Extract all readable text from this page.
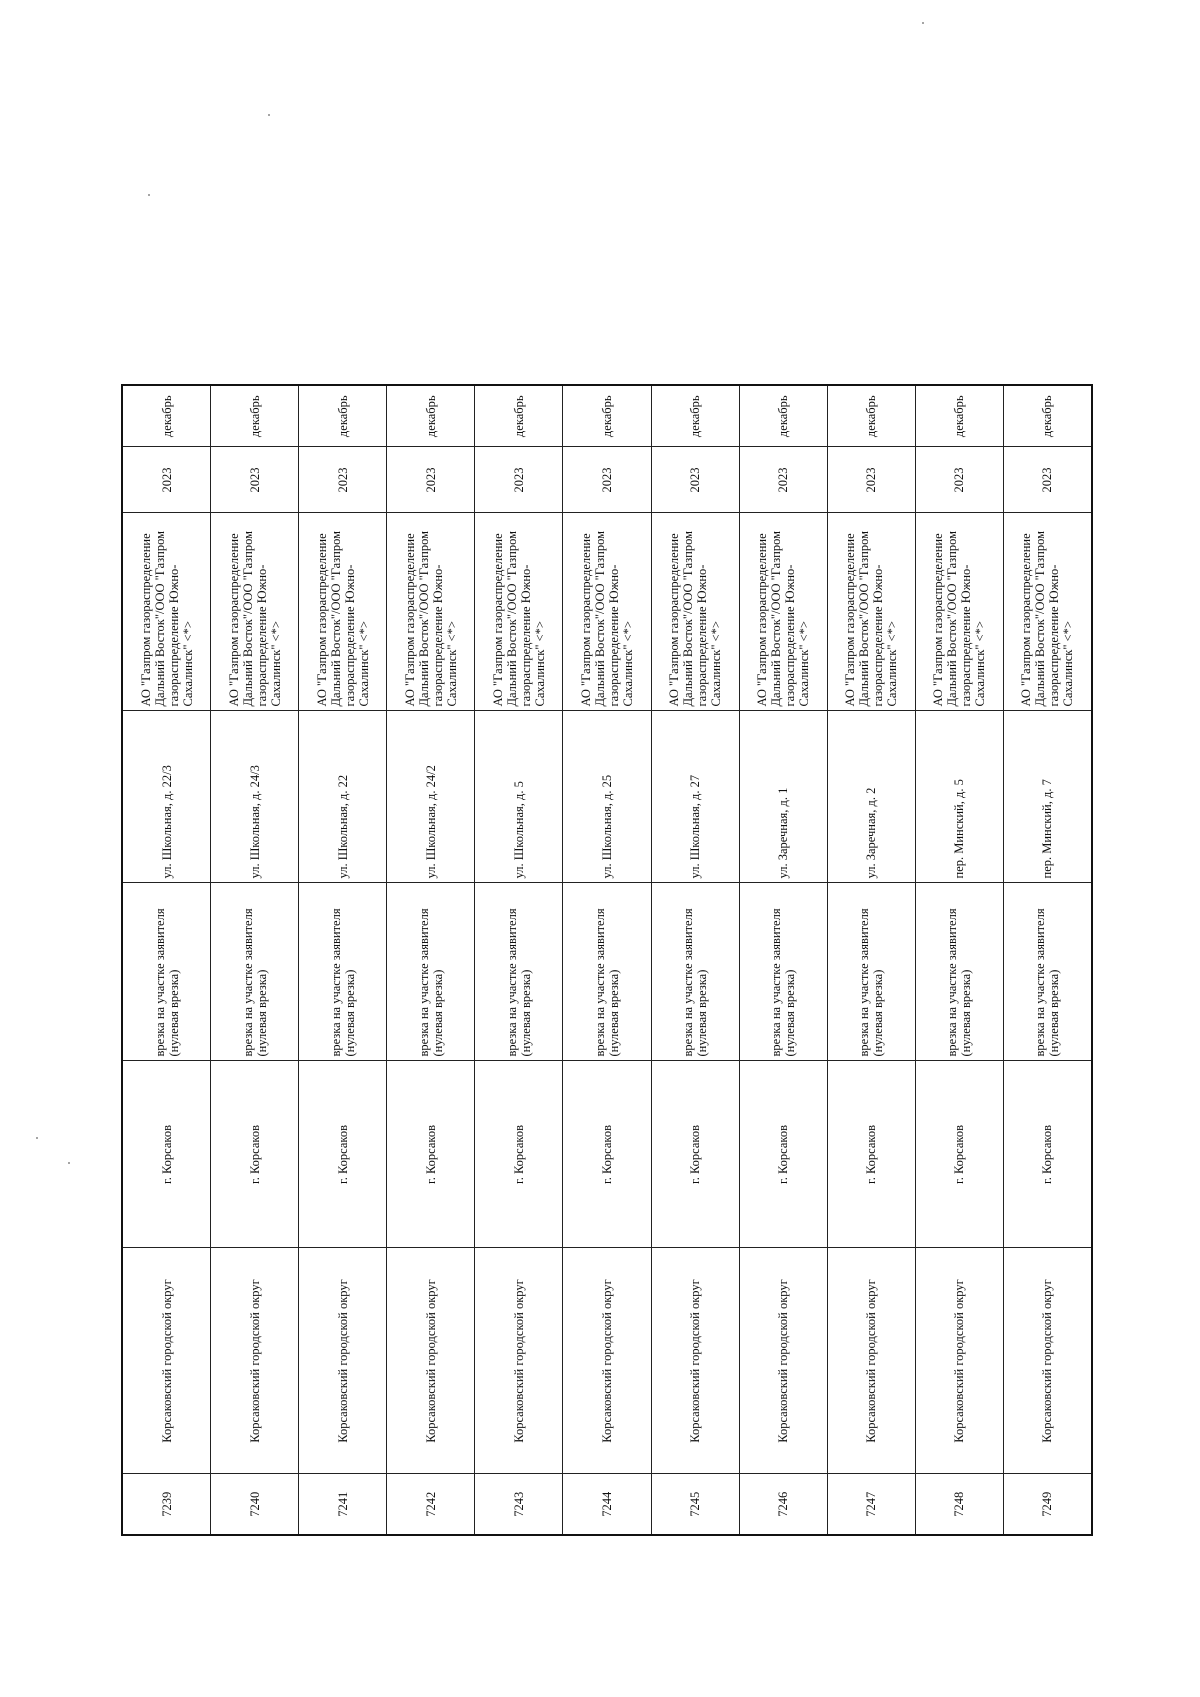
7239	Корсаковский городской округ	г. Корсаков	врезка на участке заявителя (нулевая врезка)	ул. Школьная, д. 22/3	АО "Газпром газораспределение Дальний Восток"/ООО "Газпром газораспределение Южно-Сахалинск" <*>	2023	декабрь
7240	Корсаковский городской округ	г. Корсаков	врезка на участке заявителя (нулевая врезка)	ул. Школьная, д. 24/3	АО "Газпром газораспределение Дальний Восток"/ООО "Газпром газораспределение Южно-Сахалинск" <*>	2023	декабрь
7241	Корсаковский городской округ	г. Корсаков	врезка на участке заявителя (нулевая врезка)	ул. Школьная, д. 22	АО "Газпром газораспределение Дальний Восток"/ООО "Газпром газораспределение Южно-Сахалинск" <*>	2023	декабрь
7242	Корсаковский городской округ	г. Корсаков	врезка на участке заявителя (нулевая врезка)	ул. Школьная, д. 24/2	АО "Газпром газораспределение Дальний Восток"/ООО "Газпром газораспределение Южно-Сахалинск" <*>	2023	декабрь
7243	Корсаковский городской округ	г. Корсаков	врезка на участке заявителя (нулевая врезка)	ул. Школьная, д. 5	АО "Газпром газораспределение Дальний Восток"/ООО "Газпром газораспределение Южно-Сахалинск" <*>	2023	декабрь
7244	Корсаковский городской округ	г. Корсаков	врезка на участке заявителя (нулевая врезка)	ул. Школьная, д. 25	АО "Газпром газораспределение Дальний Восток"/ООО "Газпром газораспределение Южно-Сахалинск" <*>	2023	декабрь
7245	Корсаковский городской округ	г. Корсаков	врезка на участке заявителя (нулевая врезка)	ул. Школьная, д. 27	АО "Газпром газораспределение Дальний Восток"/ООО "Газпром газораспределение Южно-Сахалинск" <*>	2023	декабрь
7246	Корсаковский городской округ	г. Корсаков	врезка на участке заявителя (нулевая врезка)	ул. Заречная, д. 1	АО "Газпром газораспределение Дальний Восток"/ООО "Газпром газораспределение Южно-Сахалинск" <*>	2023	декабрь
7247	Корсаковский городской округ	г. Корсаков	врезка на участке заявителя (нулевая врезка)	ул. Заречная, д. 2	АО "Газпром газораспределение Дальний Восток"/ООО "Газпром газораспределение Южно-Сахалинск" <*>	2023	декабрь
7248	Корсаковский городской округ	г. Корсаков	врезка на участке заявителя (нулевая врезка)	пер. Минский, д. 5	АО "Газпром газораспределение Дальний Восток"/ООО "Газпром газораспределение Южно-Сахалинск" <*>	2023	декабрь
7249	Корсаковский городской округ	г. Корсаков	врезка на участке заявителя (нулевая врезка)	пер. Минский, д. 7	АО "Газпром газораспределение Дальний Восток"/ООО "Газпром газораспределение Южно-Сахалинск" <*>	2023	декабрь
